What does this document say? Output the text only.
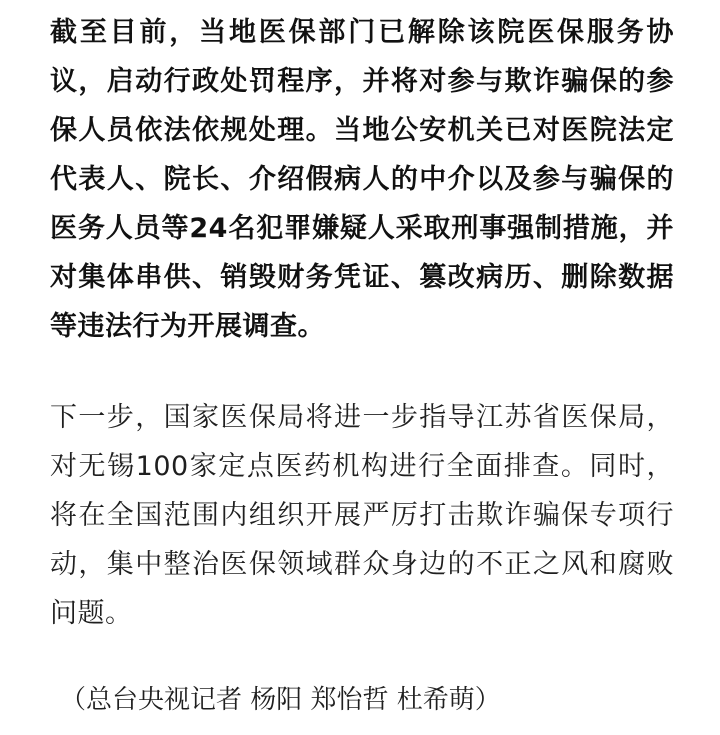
截至目前，当地医保部门已解除该院医保服务协议，启动行政处罚程序，并将对参与欺诈骗保的参保人员依法依规处理。当地公安机关已对医院法定代表人、院长、介绍假病人的中介以及参与骗保的医务人员等24名犯罪嫌疑人采取刑事强制措施，并对集体串供、销毁财务凭证、篡改病历、删除数据等违法行为开展调查。

下一步，国家医保局将进一步指导江苏省医保局，对无锡100家定点医药机构进行全面排查。同时，将在全国范围内组织开展严厉打击欺诈骗保专项行动，集中整治医保领域群众身边的不正之风和腐败问题。

（总台央视记者 杨阳 郑怡哲 杜希萌）
